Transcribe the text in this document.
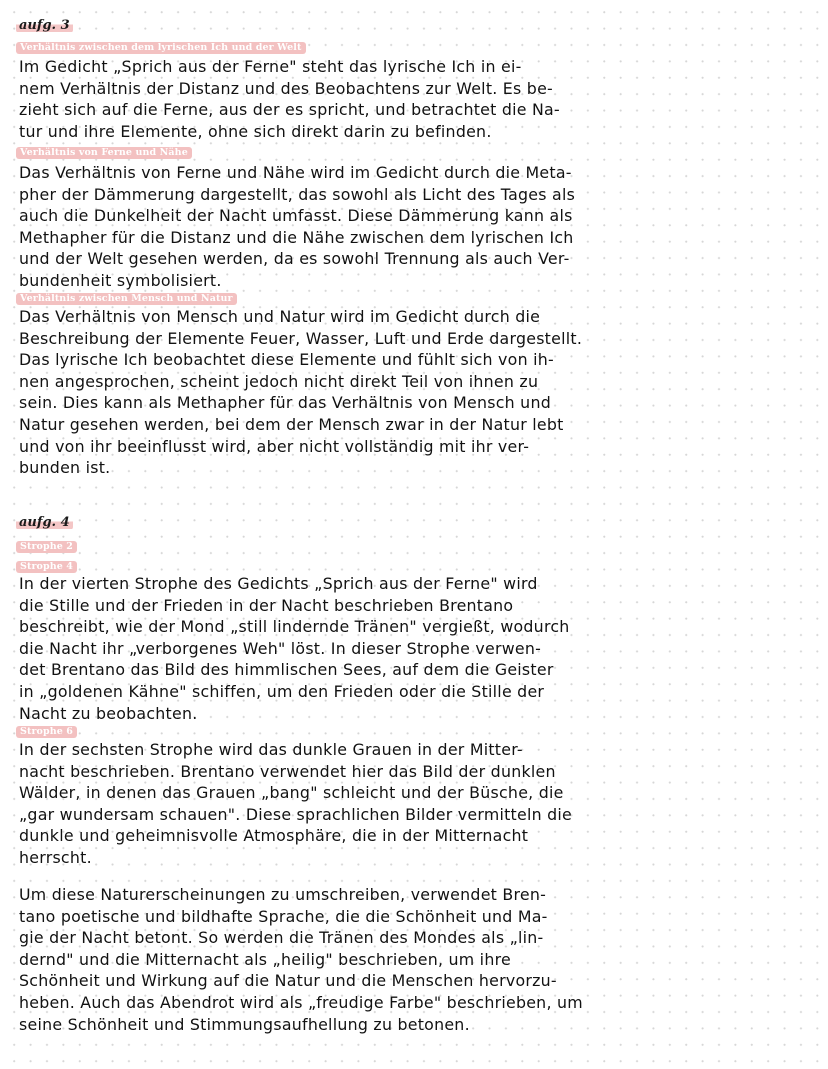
aufg. 3
Verhältnis zwischen dem lyrischen Ich und der Welt

Im Gedicht „Sprich aus der Ferne" steht das lyrische Ich in ei-
nem Verhältnis der Distanz und des Beobachtens zur Welt. Es be-
zieht sich auf die Ferne, aus der es spricht, und betrachtet die Na-
tur und ihre Elemente, ohne sich direkt darin zu befinden.

Verhältnis von Ferne und Nähe

Das Verhältnis von Ferne und Nähe wird im Gedicht durch die Meta-
pher der Dämmerung dargestellt, das sowohl als Licht des Tages als
auch die Dunkelheit der Nacht umfasst. Diese Dämmerung kann als
Methapher für die Distanz und die Nähe zwischen dem lyrischen Ich
und der Welt gesehen werden, da es sowohl Trennung als auch Ver-
bundenheit symbolisiert.

Verhältnis zwischen Mensch und Natur

Das Verhältnis von Mensch und Natur wird im Gedicht durch die
Beschreibung der Elemente Feuer, Wasser, Luft und Erde dargestellt.
Das lyrische Ich beobachtet diese Elemente und fühlt sich von ih-
nen angesprochen, scheint jedoch nicht direkt Teil von ihnen zu
sein. Dies kann als Methapher für das Verhältnis von Mensch und
Natur gesehen werden, bei dem der Mensch zwar in der Natur lebt
und von ihr beeinflusst wird, aber nicht vollständig mit ihr ver-
bunden ist.

aufg. 4
Strophe 2
Strophe 4

In der vierten Strophe des Gedichts „Sprich aus der Ferne" wird
die Stille und der Frieden in der Nacht beschrieben Brentano
beschreibt, wie der Mond „still lindernde Tränen" vergießt, wodurch
die Nacht ihr „verborgenes Weh" löst. In dieser Strophe verwen-
det Brentano das Bild des himmlischen Sees, auf dem die Geister
in „goldenen Kähne" schiffen, um den Frieden oder die Stille der
Nacht zu beobachten.

Strophe 6

In der sechsten Strophe wird das dunkle Grauen in der Mitter-
nacht beschrieben. Brentano verwendet hier das Bild der dunklen
Wälder, in denen das Grauen „bang" schleicht und der Büsche, die
„gar wundersam schauen". Diese sprachlichen Bilder vermitteln die
dunkle und geheimnisvolle Atmosphäre, die in der Mitternacht
herrscht.

Um diese Naturerscheinungen zu umschreiben, verwendet Bren-
tano poetische und bildhafte Sprache, die die Schönheit und Ma-
gie der Nacht betont. So werden die Tränen des Mondes als „lin-
dernd" und die Mitternacht als „heilig" beschrieben, um ihre
Schönheit und Wirkung auf die Natur und die Menschen hervorzu-
heben. Auch das Abendrot wird als „freudige Farbe" beschrieben, um
seine Schönheit und Stimmungsaufhellung zu betonen.
